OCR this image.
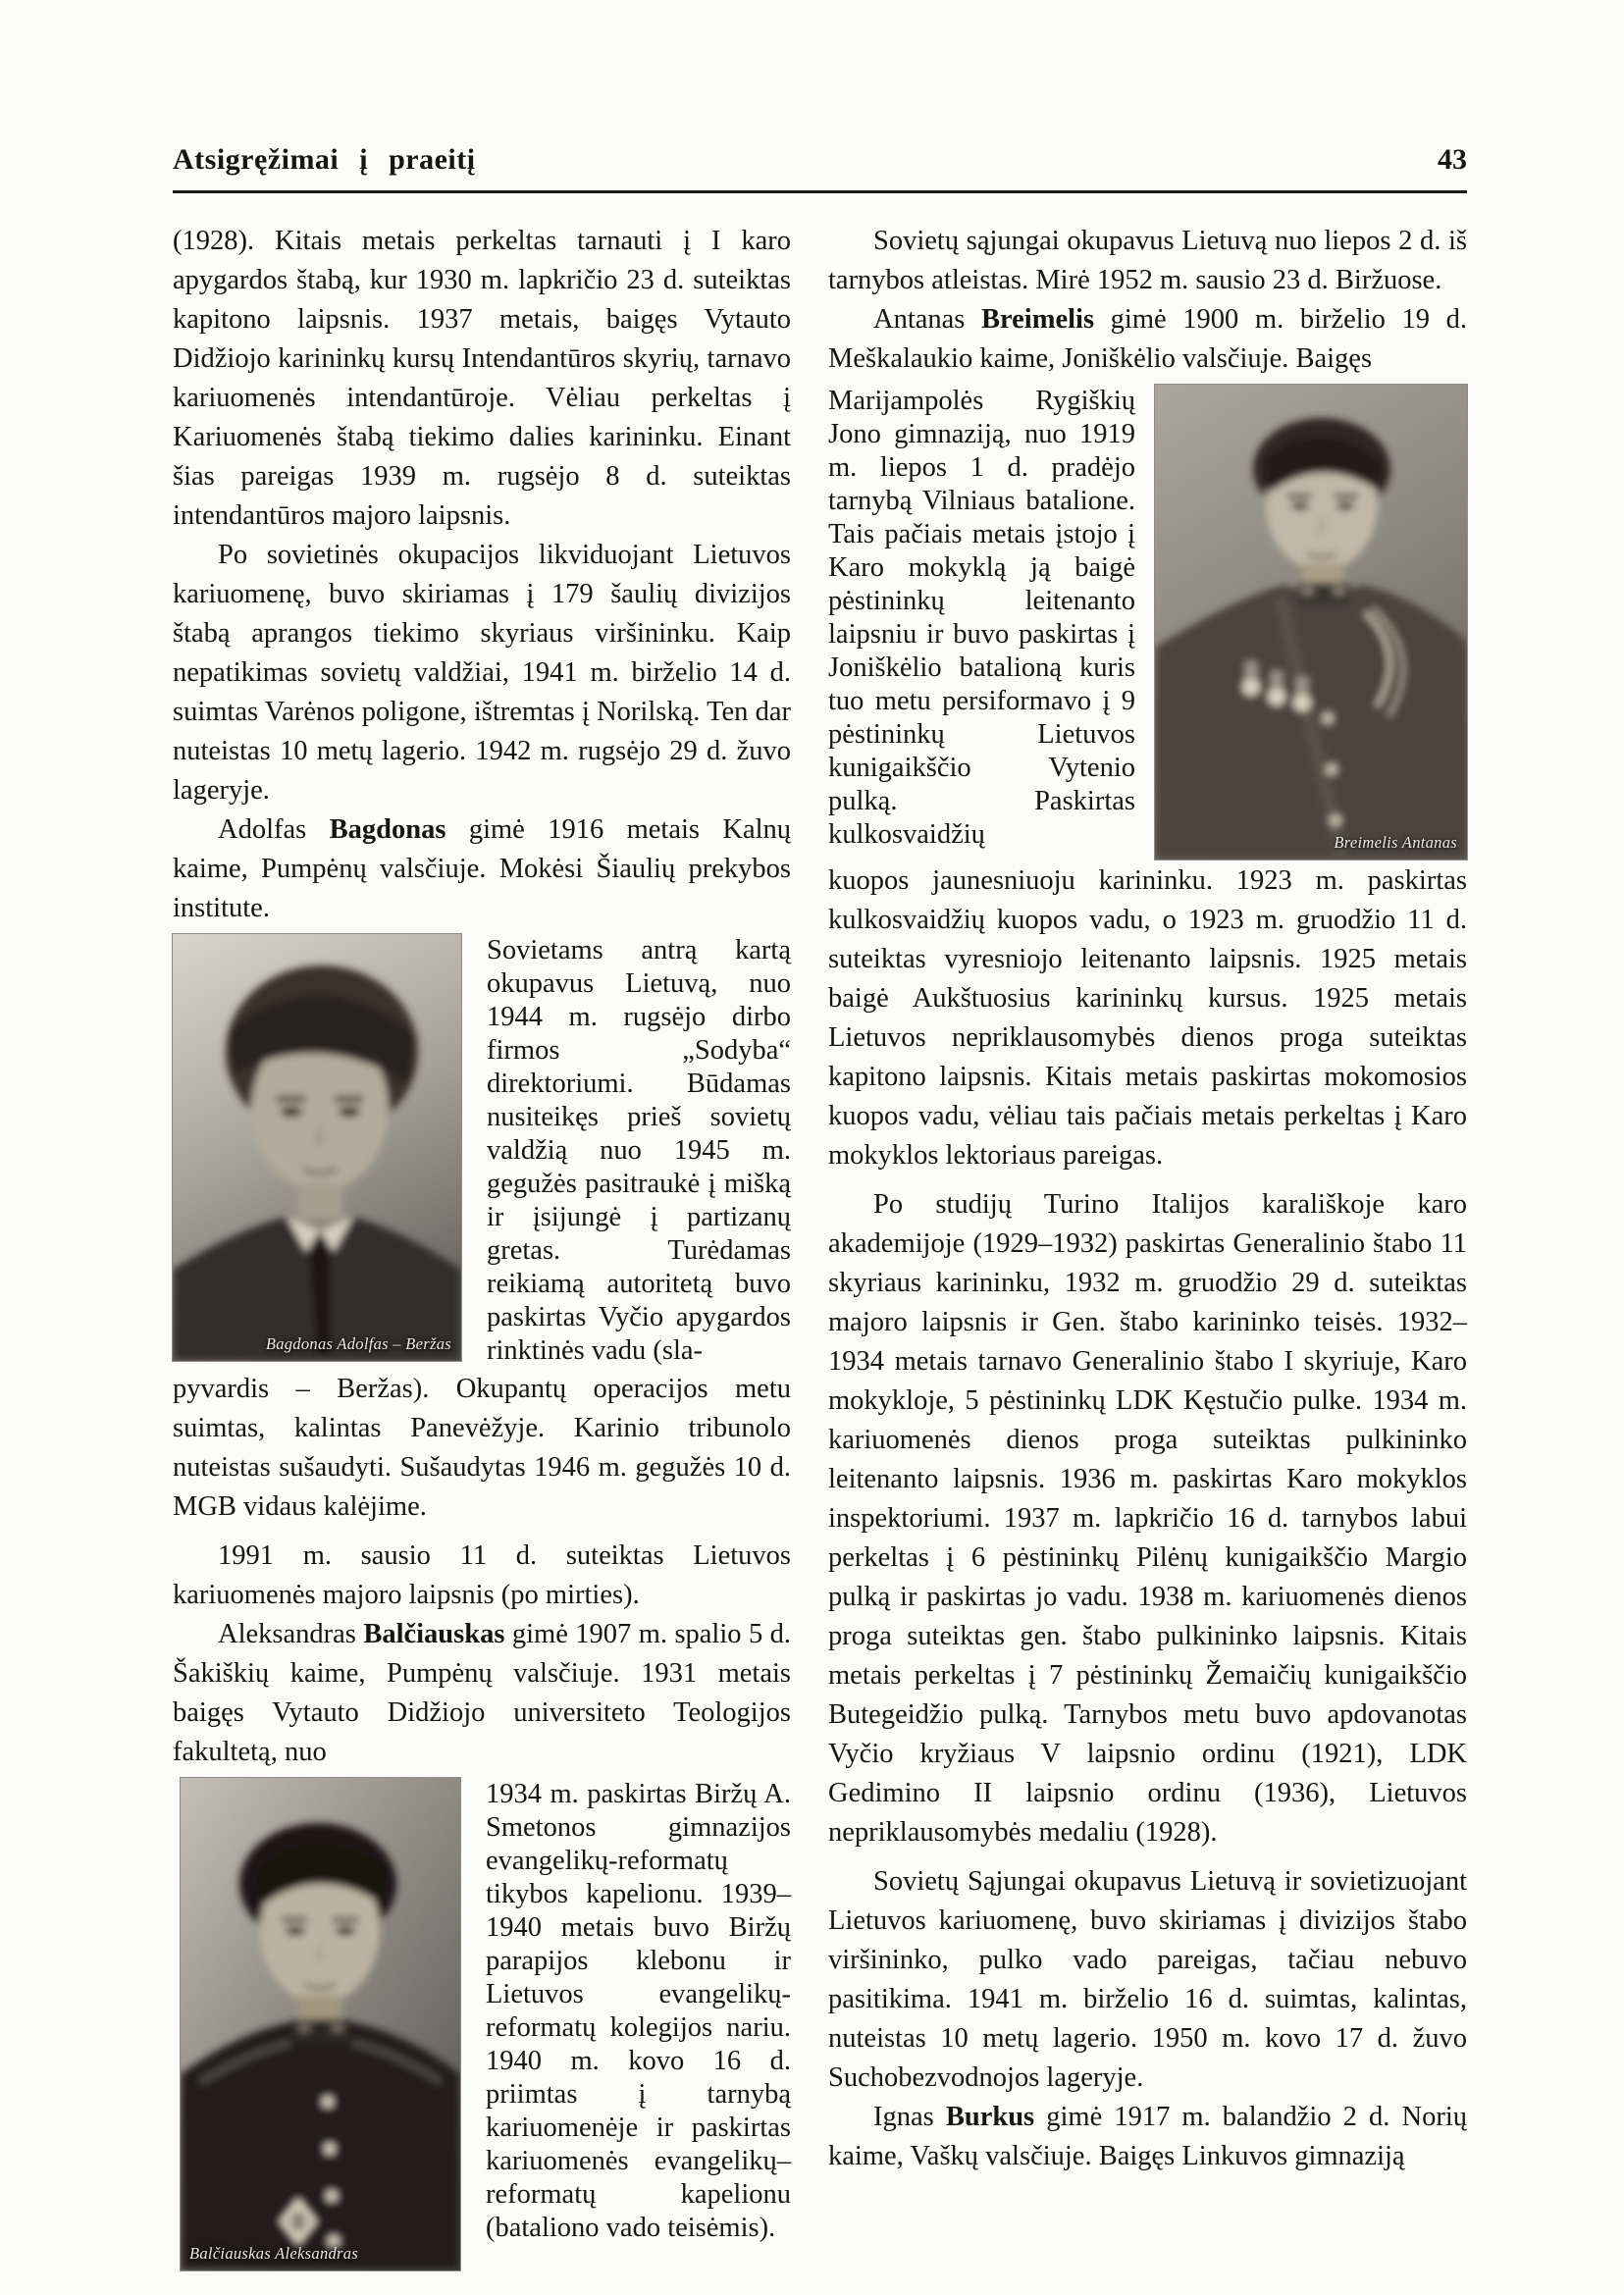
Atsigręžimai į praeitį	43

(1928). Kitais metais perkeltas tarnauti į I karo apygardos štabą, kur 1930 m. lapkričio 23 d. suteiktas kapitono laipsnis. 1937 metais, baigęs Vytauto Didžiojo karininkų kursų Intendantūros skyrių, tarnavo kariuomenės intendantūroje. Vėliau perkeltas į Kariuomenės štabą tiekimo dalies karininku. Einant šias pareigas 1939 m. rugsėjo 8 d. suteiktas intendantūros majoro laipsnis.

Po sovietinės okupacijos likviduojant Lietuvos kariuomenę, buvo skiriamas į 179 šaulių divizijos štabą aprangos tiekimo skyriaus viršininku. Kaip nepatikimas sovietų valdžiai, 1941 m. birželio 14 d. suimtas Varėnos poligone, ištremtas į Norilską. Ten dar nuteistas 10 metų lagerio. 1942 m. rugsėjo 29 d. žuvo lageryje.

Adolfas Bagdonas gimė 1916 metais Kalnų kaime, Pumpėnų valsčiuje. Mokėsi Šiaulių prekybos institute.

Bagdonas Adolfas – Beržas
Sovietams antrą kartą okupavus Lietuvą, nuo 1944 m. rugsėjo dirbo firmos „Sodyba“ direktoriumi. Būdamas nusiteikęs prieš sovietų valdžią nuo 1945 m. gegužės pasitraukė į mišką ir įsijungė į partizanų gretas. Turėdamas reikiamą autoritetą buvo paskirtas Vyčio apygardos rinktinės vadu (sla-

pyvardis – Beržas). Okupantų operacijos metu suimtas, kalintas Panevėžyje. Karinio tribunolo nuteistas sušaudyti. Sušaudytas 1946 m. gegužės 10 d. MGB vidaus kalėjime.

1991 m. sausio 11 d. suteiktas Lietuvos kariuomenės majoro laipsnis (po mirties).

Aleksandras Balčiauskas gimė 1907 m. spalio 5 d. Šakiškių kaime, Pumpėnų valsčiuje. 1931 metais baigęs Vytauto Didžiojo universiteto Teologijos fakultetą, nuo

Balčiauskas Aleksandras
1934 m. paskirtas Biržų A. Smetonos gimnazijos evangelikų-reformatų tikybos kapelionu. 1939–1940 metais buvo Biržų parapijos klebonu ir Lietuvos evangelikų-reformatų kolegijos nariu. 1940 m. kovo 16 d. priimtas į tarnybą kariuomenėje ir paskirtas kariuomenės evangelikų–reformatų kapelionu (bataliono vado teisėmis).

Sovietų sąjungai okupavus Lietuvą nuo liepos 2 d. iš tarnybos atleistas. Mirė 1952 m. sausio 23 d. Biržuose.

Antanas Breimelis gimė 1900 m. birželio 19 d. Meškalaukio kaime, Joniškėlio valsčiuje. Baigęs

Marijampolės Rygiškių Jono gimnaziją, nuo 1919 m. liepos 1 d. pradėjo tarnybą Vilniaus batalione. Tais pačiais metais įstojo į Karo mokyklą ją baigė pėstininkų leitenanto laipsniu ir buvo paskirtas į Joniškėlio batalioną kuris tuo metu persiformavo į 9 pėstininkų Lietuvos kunigaikščio Vytenio pulką. Paskirtas kulkosvaidžių	Breimelis Antanas

kuopos jaunesniuoju karininku. 1923 m. paskirtas kulkosvaidžių kuopos vadu, o 1923 m. gruodžio 11 d. suteiktas vyresniojo leitenanto laipsnis. 1925 metais baigė Aukštuosius karininkų kursus. 1925 metais Lietuvos nepriklausomybės dienos proga suteiktas kapitono laipsnis. Kitais metais paskirtas mokomosios kuopos vadu, vėliau tais pačiais metais perkeltas į Karo mokyklos lektoriaus pareigas.

Po studijų Turino Italijos karališkoje karo akademijoje (1929–1932) paskirtas Generalinio štabo 11 skyriaus karininku, 1932 m. gruodžio 29 d. suteiktas majoro laipsnis ir Gen. štabo karininko teisės. 1932–1934 metais tarnavo Generalinio štabo I skyriuje, Karo mokykloje, 5 pėstininkų LDK Kęstučio pulke. 1934 m. kariuomenės dienos proga suteiktas pulkininko leitenanto laipsnis. 1936 m. paskirtas Karo mokyklos inspektoriumi. 1937 m. lapkričio 16 d. tarnybos labui perkeltas į 6 pėstininkų Pilėnų kunigaikščio Margio pulką ir paskirtas jo vadu. 1938 m. kariuomenės dienos proga suteiktas gen. štabo pulkininko laipsnis. Kitais metais perkeltas į 7 pėstininkų Žemaičių kunigaikščio Butegeidžio pulką. Tarnybos metu buvo apdovanotas Vyčio kryžiaus V laipsnio ordinu (1921), LDK Gedimino II laipsnio ordinu (1936), Lietuvos nepriklausomybės medaliu (1928).

Sovietų Sąjungai okupavus Lietuvą ir sovietizuojant Lietuvos kariuomenę, buvo skiriamas į divizijos štabo viršininko, pulko vado pareigas, tačiau nebuvo pasitikima. 1941 m. birželio 16 d. suimtas, kalintas, nuteistas 10 metų lagerio. 1950 m. kovo 17 d. žuvo Suchobezvodnojos lageryje.

Ignas Burkus gimė 1917 m. balandžio 2 d. Norių kaime, Vaškų valsčiuje. Baigęs Linkuvos gimnaziją
